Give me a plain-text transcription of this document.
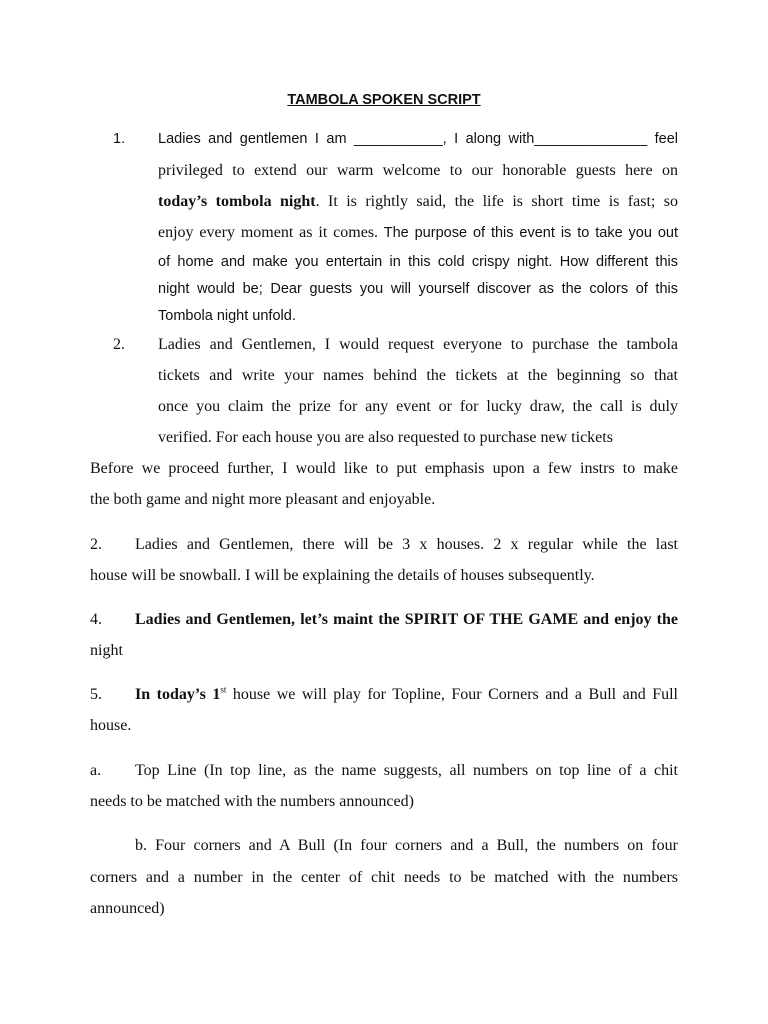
TAMBOLA SPOKEN SCRIPT
1. Ladies and gentlemen I am ___________, I along with______________ feel
privileged to extend our warm welcome to our honorable guests here on
today’s tombola night. It is rightly said, the life is short time is fast; so
enjoy every moment as it comes. The purpose of this event is to take you out
of home and make you entertain in this cold crispy night. How different this
night would be; Dear guests you will yourself discover as the colors of this
Tombola night unfold.
2. Ladies and Gentlemen, I would request everyone to purchase the tambola
tickets and write your names behind the tickets at the beginning so that
once you claim the prize for any event or for lucky draw, the call is duly
verified. For each house you are also requested to purchase new tickets
Before we proceed further, I would like to put emphasis upon a few instrs to make
the both game and night more pleasant and enjoyable.
2. Ladies and Gentlemen, there will be 3 x houses. 2 x regular while the last
house will be snowball. I will be explaining the details of houses subsequently.
4. Ladies and Gentlemen, let’s maint the SPIRIT OF THE GAME and enjoy the
night
5. In today’s 1st house we will play for Topline, Four Corners and a Bull and Full
house.
a. Top Line (In top line, as the name suggests, all numbers on top line of a chit
needs to be matched with the numbers announced)
b. Four corners and A Bull (In four corners and a Bull, the numbers on four
corners and a number in the center of chit needs to be matched with the numbers
announced)
